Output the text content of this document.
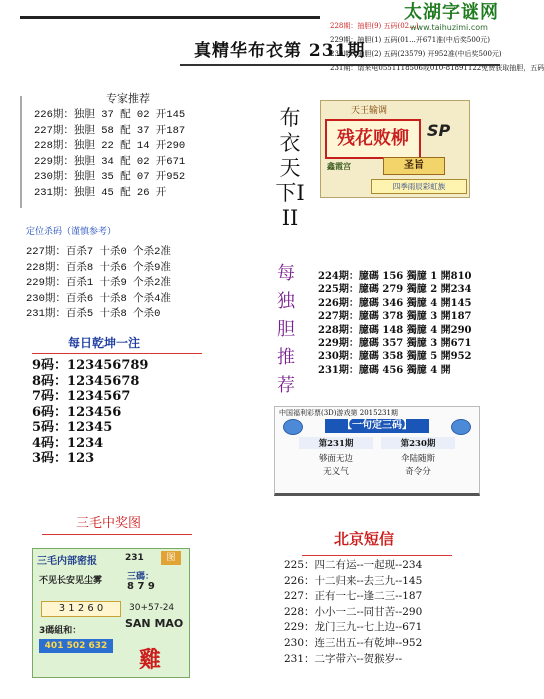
太湖字谜网
www.taihuzimi.com
真精华布衣第 231期
228期：抽胆(9) 五码(02...)
229期：抽胆(1) 五码(01...开671准(中后奖500元)
230期：抽胆(2) 五码(23579) 开952准(中后奖500元)
231期：请来电0551118506或010-81891122免费获取抽胆，五码
专家推荐
226期：独胆 37 配 02 开145
227期：独胆 58 配 37 开187
228期：独胆 22 配 14 开290
229期：独胆 34 配 02 开671
230期：独胆 35 配 07 开952
231期：独胆 45 配 26 开
布衣天下III
天王输调
残花败柳	SP
鑫霞宫	圣旨
四季雨辰彩虹族
定位杀码（谨慎参考）
227期：百杀7 十杀0 个杀2准
228期：百杀8 十杀6 个杀9准
229期：百杀1 十杀9 个杀2准
230期：百杀6 十杀8 个杀4准
231期：百杀5 十杀8 个杀0
每
独
胆
推
荐
224期：臆碼 156 獨臆 1 開810
225期：臆碼 279 獨臆 2 開234
226期：臆碼 346 獨臆 4 開145
227期：臆碼 378 獨臆 3 開187
228期：臆碼 148 獨臆 4 開290
229期：臆碼 357 獨臆 3 開671
230期：臆碼 358 獨臆 5 開952
231期：臆碼 456 獨臆 4 開
每日乾坤一注
9码：123456789
8码：12345678
7码：1234567
6码：123456
5码：12345
4码：1234
3码：123
中国福利彩票(3D)游戏第 2015231期
【一句定三码】
第231期
够面无边
无义气
第230期
伞陆随斯
奇令分
三毛中奖图
三毛内部密报	231	图
不见长安见尘雾	三碼：
8 7 9
3 1 2 6 0	30+57-24
SAN MAO
3碼組和：
401 502 632
雞
北京短信
225：四二有运--一起现--234
226：十二归来--去三九--145
227：正有一七--逢二三--187
228：小小一二--同甘苦--290
229：龙门三九--七上边--671
230：连三出五--有乾坤--952
231：二字带六--贺猴岁--
